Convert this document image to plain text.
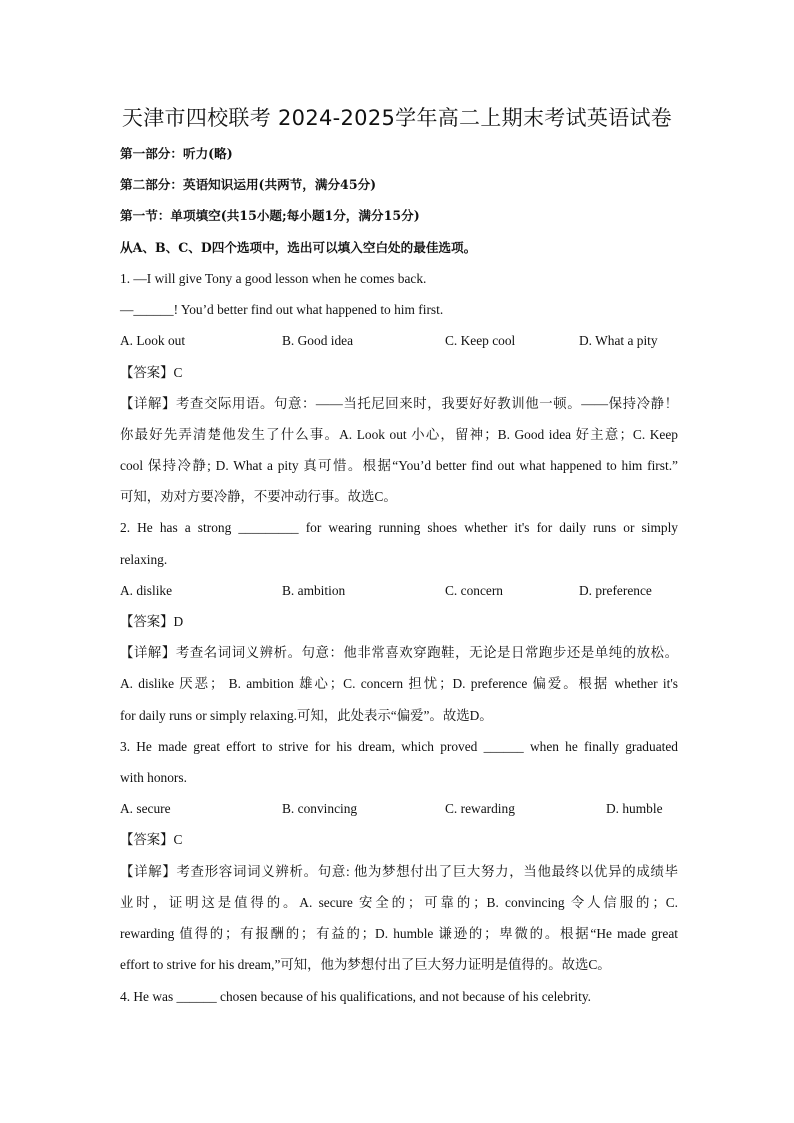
天津市四校联考 2024-2025学年高二上期末考试英语试卷
第一部分：听力(略)
第二部分：英语知识运用(共两节，满分45分)
第一节：单项填空(共15小题;每小题1分，满分15分)
从A、B、C、D四个选项中，选出可以填入空白处的最佳选项。
1. —I will give Tony a good lesson when he comes back.
—______! You’d better find out what happened to him first.
A. Look out	B. Good idea	C. Keep cool	D. What a pity
【答案】C
【详解】考查交际用语。句意：——当托尼回来时，我要好好教训他一顿。——保持冷静！
你最好先弄清楚他发生了什么事。A. Look out 小心，留神；B. Good idea 好主意；C. Keep
cool 保持冷静; D. What a pity 真可惜。根据“You’d better find out what happened to him first.”
可知，劝对方要冷静，不要冲动行事。故选C。
2. He has a strong _________ for wearing running shoes whether it's for daily runs or simply
relaxing.
A. dislike	B. ambition	C. concern	D. preference
【答案】D
【详解】考查名词词义辨析。句意：他非常喜欢穿跑鞋，无论是日常跑步还是单纯的放松。
A. dislike 厌恶； B. ambition 雄心；C. concern 担忧；D. preference 偏爱。根据 whether it's
for daily runs or simply relaxing.可知，此处表示“偏爱”。故选D。
3. He made great effort to strive for his dream, which proved ______ when he finally graduated
with honors.
A. secure	B. convincing	C. rewarding	D. humble
【答案】C
【详解】考查形容词词义辨析。句意: 他为梦想付出了巨大努力，当他最终以优异的成绩毕
业时，证明这是值得的。A. secure 安全的；可靠的；B. convincing 令人信服的；C.
rewarding 值得的；有报酬的；有益的；D. humble 谦逊的；卑微的。根据“He made great
effort to strive for his dream,”可知，他为梦想付出了巨大努力证明是值得的。故选C。
4. He was ______ chosen because of his qualifications, and not because of his celebrity.
